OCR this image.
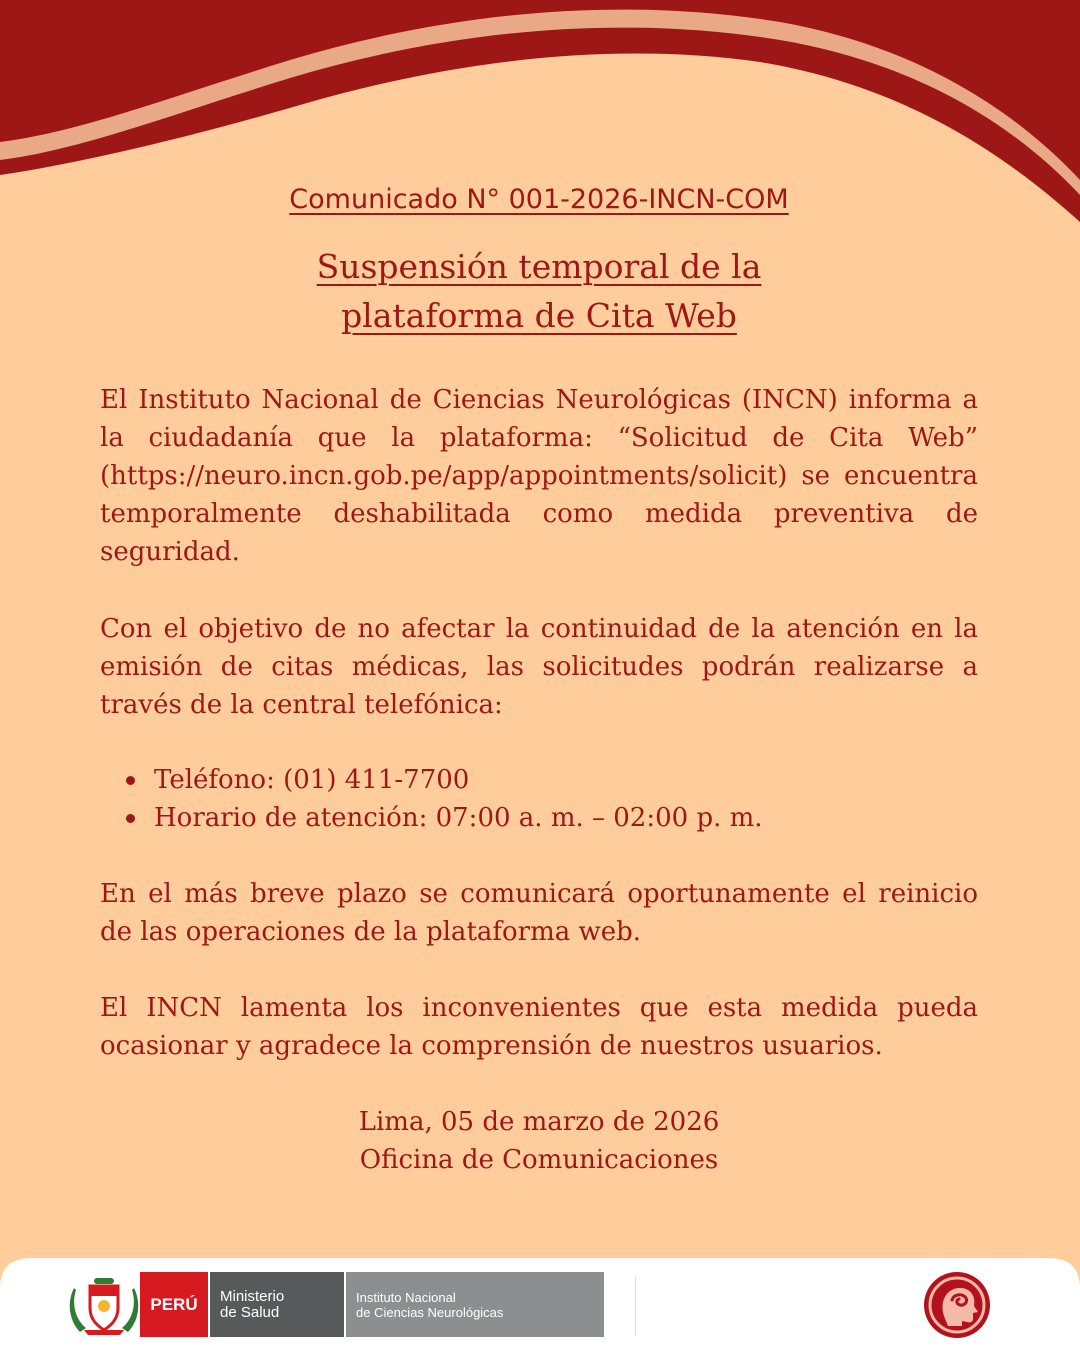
Comunicado N° 001-2026-INCN-COM
Suspensión temporal de la
plataforma de Cita Web

El Instituto Nacional de Ciencias Neurológicas (INCN) informa a la ciudadanía que la plataforma: “Solicitud de Cita Web” (https://neuro.incn.gob.pe/app/appointments/solicit) se encuentra temporalmente deshabilitada como medida preventiva de seguridad.

Con el objetivo de no afectar la continuidad de la atención en la emisión de citas médicas, las solicitudes podrán realizarse a través de la central telefónica:

Teléfono: (01) 411-7700
Horario de atención: 07:00 a. m. – 02:00 p. m.

En el más breve plazo se comunicará oportunamente el reinicio de las operaciones de la plataforma web.

El INCN lamenta los inconvenientes que esta medida pueda ocasionar y agradece la comprensión de nuestros usuarios.

Lima, 05 de marzo de 2026
Oficina de Comunicaciones
PERÚ	Ministerio
de Salud
Instituto Nacional
de Ciencias Neurológicas
